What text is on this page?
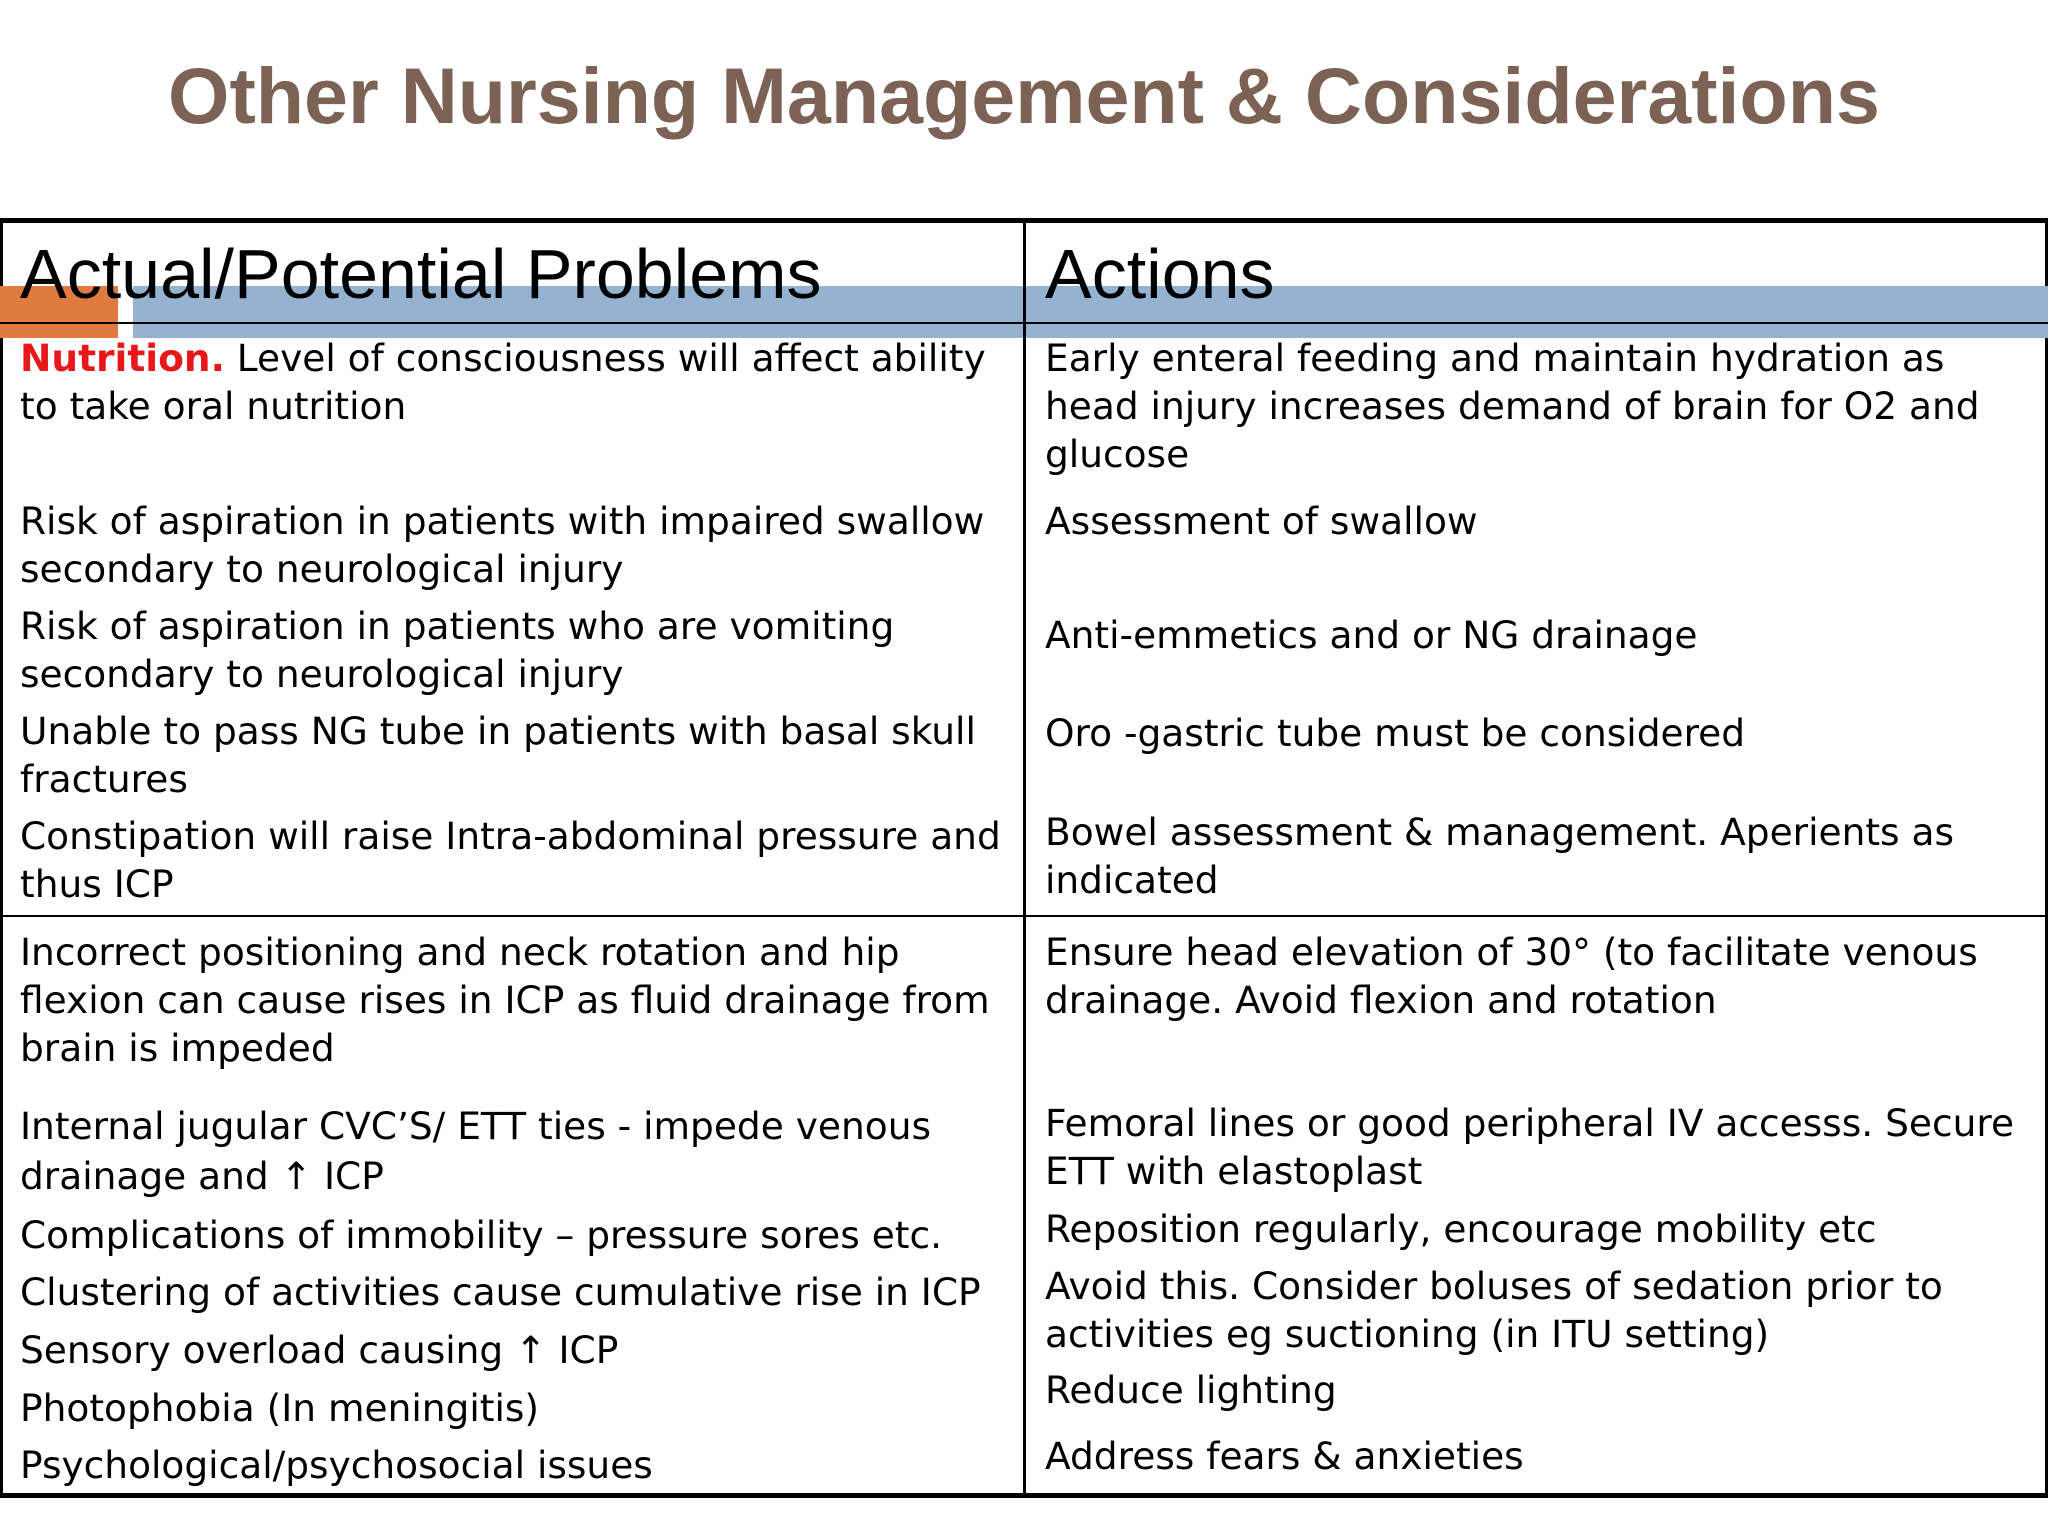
Other Nursing Management & Considerations
Actual/Potential Problems	Actions
Nutrition. Level of consciousness will affect ability to take oral nutrition
Risk of aspiration in patients with impaired swallow secondary to neurological injury
Risk of aspiration in patients who are vomiting secondary to neurological injury
Unable to pass NG tube in patients with basal skull fractures
Constipation will raise Intra-abdominal pressure and thus ICP
Early enteral feeding and maintain hydration as head injury increases demand of brain for O2 and glucose
Assessment of swallow
Anti-emmetics and or NG drainage
Oro -gastric tube must be considered
Bowel assessment & management. Aperients as indicated
Incorrect positioning and neck rotation and hip flexion can cause rises in ICP as fluid drainage from brain is impeded
Internal jugular CVC’S/ ETT ties - impede venous drainage and ↑ ICP
Complications of immobility – pressure sores etc.
Clustering of activities cause cumulative rise in ICP
Sensory overload causing ↑ ICP
Photophobia (In meningitis)
Psychological/psychosocial issues
Ensure head elevation of 30° (to facilitate venous drainage. Avoid flexion and rotation
Femoral lines or good peripheral IV accesss. Secure ETT with elastoplast
Reposition regularly, encourage mobility etc
Avoid this. Consider boluses of sedation prior to activities eg suctioning (in ITU setting)
Reduce lighting
Address fears & anxieties
